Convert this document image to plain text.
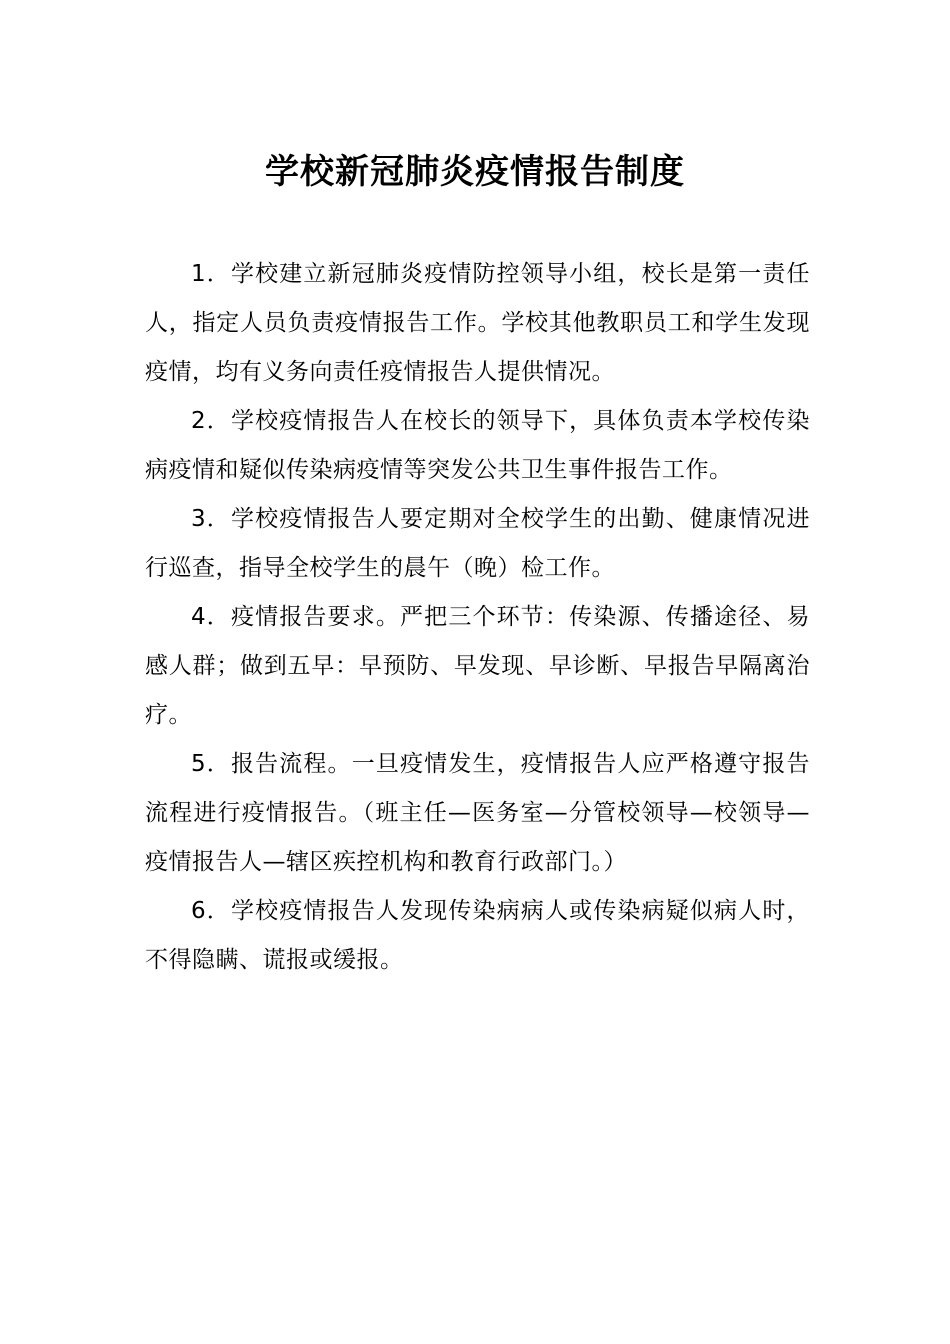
学校新冠肺炎疫情报告制度

1．学校建立新冠肺炎疫情防控领导小组，校长是第一责任人，指定人员负责疫情报告工作。学校其他教职员工和学生发现疫情，均有义务向责任疫情报告人提供情况。

2．学校疫情报告人在校长的领导下，具体负责本学校传染病疫情和疑似传染病疫情等突发公共卫生事件报告工作。

3．学校疫情报告人要定期对全校学生的出勤、健康情况进行巡查，指导全校学生的晨午（晚）检工作。

4．疫情报告要求。严把三个环节：传染源、传播途径、易感人群；做到五早：早预防、早发现、早诊断、早报告早隔离治疗。

5．报告流程。一旦疫情发生，疫情报告人应严格遵守报告流程进行疫情报告。（班主任—医务室—分管校领导—校领导—疫情报告人—辖区疾控机构和教育行政部门。）

6．学校疫情报告人发现传染病病人或传染病疑似病人时，不得隐瞒、谎报或缓报。
